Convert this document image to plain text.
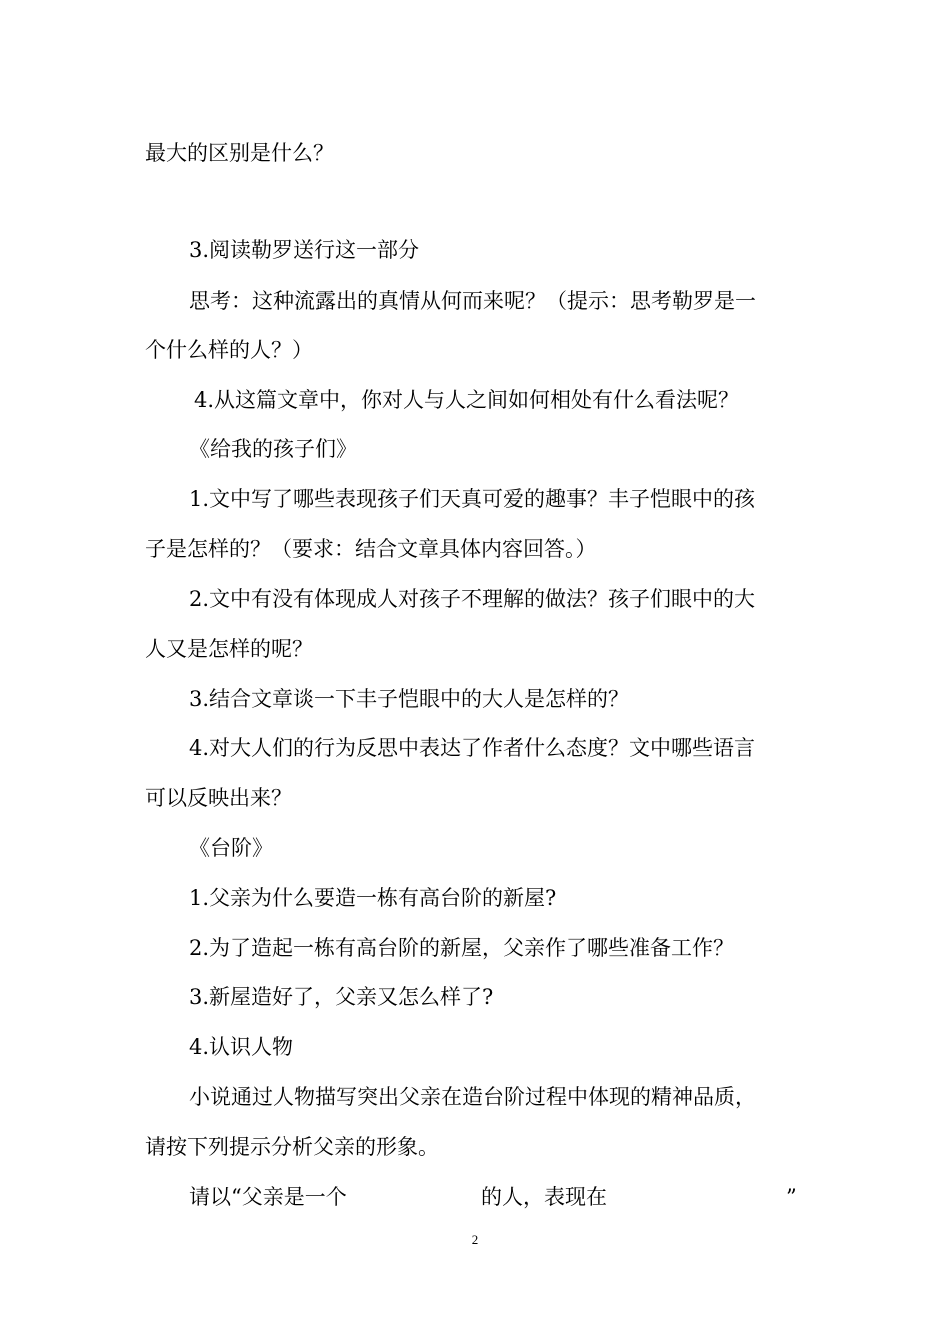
最大的区别是什么？
3.阅读勒罗送行这一部分
思考：这种流露出的真情从何而来呢？（提示：思考勒罗是一
个什么样的人？）
4.从这篇文章中，你对人与人之间如何相处有什么看法呢？
《给我的孩子们》
1.文中写了哪些表现孩子们天真可爱的趣事？丰子恺眼中的孩
子是怎样的？（要求：结合文章具体内容回答。）
2.文中有没有体现成人对孩子不理解的做法？孩子们眼中的大
人又是怎样的呢？
3.结合文章谈一下丰子恺眼中的大人是怎样的？
4.对大人们的行为反思中表达了作者什么态度？文中哪些语言
可以反映出来？
《台阶》
1.父亲为什么要造一栋有高台阶的新屋?
2.为了造起一栋有高台阶的新屋，父亲作了哪些准备工作？
3.新屋造好了，父亲又怎么样了?
4.认识人物
小说通过人物描写突出父亲在造台阶过程中体现的精神品质，
请按下列提示分析父亲的形象。
请以“父亲是一个	的人，表现在	”
2
